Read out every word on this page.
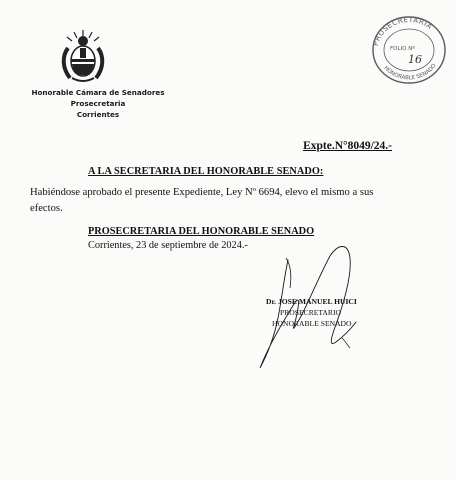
Honorable Cámara de Senadores
Prosecretaria
Corrientes
PROSECRETARIA
FOLIO Nº
16
HONORABLE SENADO
Expte.N°8049/24.-
A LA SECRETARIA DEL HONORABLE SENADO:
Habiéndose aprobado el presente Expediente, Ley Nº 6694, elevo el mismo a sus efectos.
PROSECRETARIA DEL HONORABLE SENADO
Corrientes, 23 de septiembre de 2024.-
Dr. JOSE MANUEL HUICI
PROSECRETARIO
HONORABLE SENADO
